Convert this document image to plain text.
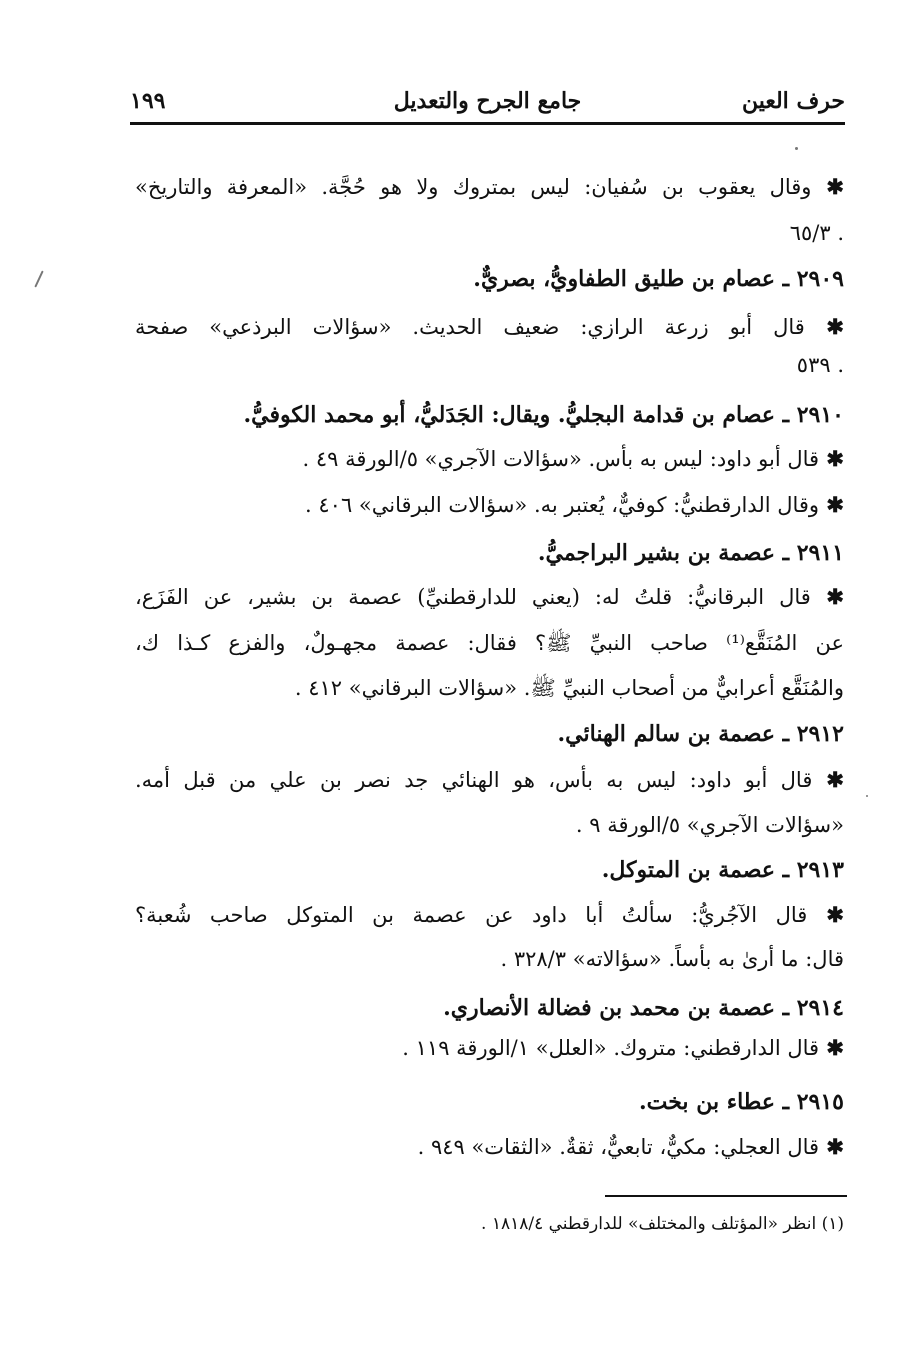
حرف العين
جامع الجرح والتعديل
١٩٩
✱ وقال يعقوب بن سُفيان: ليس بمتروك ولا هو حُجَّة. «المعرفة والتاريخ»
٦٥/٣ .
٢٩٠٩ ـ عصام بن طليق الطفاويُّ، بصريٌّ.
✱ قال أبو زرعة الرازي: ضعيف الحديث. «سؤالات البرذعي» صفحة
٥٣٩ .
٢٩١٠ ـ عصام بن قدامة البجليُّ. ويقال: الجَدَليُّ، أبو محمد الكوفيُّ.
✱ قال أبو داود: ليس به بأس. «سؤالات الآجري» ٥/الورقة ٤٩ .
✱ وقال الدارقطنيُّ: كوفيٌّ، يُعتبر به. «سؤالات البرقاني» ٤٠٦ .
٢٩١١ ـ عصمة بن بشير البراجميُّ.
✱ قال البرقانيُّ: قلتُ له: (يعني للدارقطنيِّ) عصمة بن بشير، عن الفَزَع،
عن المُنَقَّع⁽¹⁾ صاحب النبيِّ ﷺ؟ فقال: عصمة مجهـولٌ، والفزع كـذا ك،
والمُنَقَّع أعرابيٌّ من أصحاب النبيِّ ﷺ. «سؤالات البرقاني» ٤١٢ .
٢٩١٢ ـ عصمة بن سالم الهنائي.
✱ قال أبو داود: ليس به بأس، هو الهنائي جد نصر بن علي من قبل أمه.
«سؤالات الآجري» ٥/الورقة ٩ .
٢٩١٣ ـ عصمة بن المتوكل.
✱ قال الآجُريُّ: سألتُ أبا داود عن عصمة بن المتوكل صاحب شُعبة؟
قال: ما أرىٰ به بأساً. «سؤالاته» ٣٢٨/٣ .
٢٩١٤ ـ عصمة بن محمد بن فضالة الأنصاري.
✱ قال الدارقطني: متروك. «العلل» ١/الورقة ١١٩ .
٢٩١٥ ـ عطاء بن بخت.
✱ قال العجلي: مكيٌّ، تابعيٌّ، ثقةٌ. «الثقات» ٩٤٩ .
(١) انظر «المؤتلف والمختلف» للدارقطني ١٨١٨/٤ .
